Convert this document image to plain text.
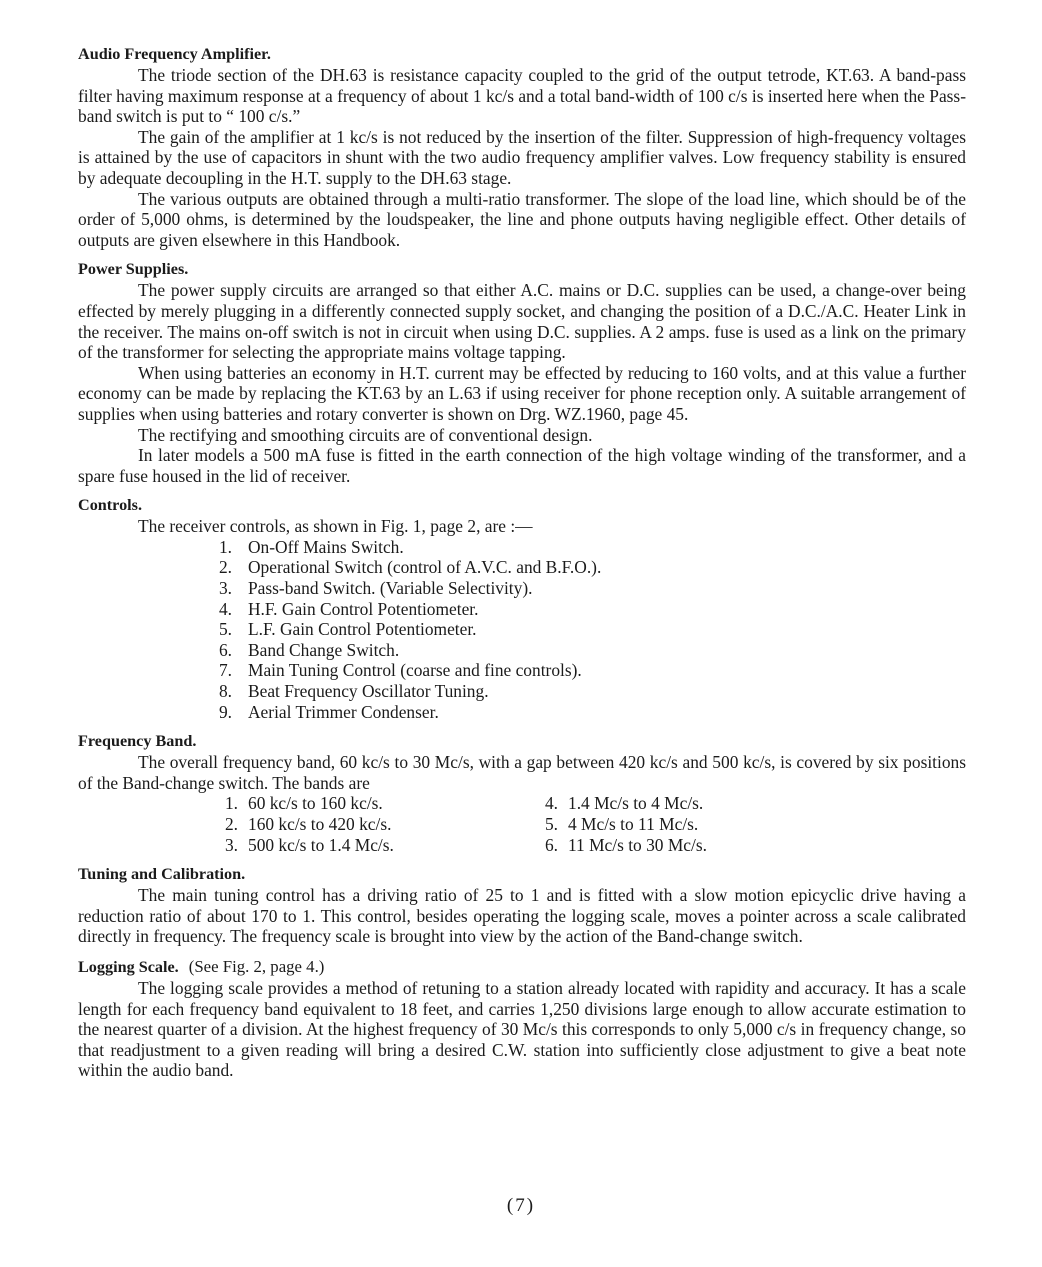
Audio Frequency Amplifier.

The triode section of the DH.63 is resistance capacity coupled to the grid of the output tetrode, KT.63. A band-pass filter having maximum response at a frequency of about 1 kc/s and a total band-width of 100 c/s is inserted here when the Pass-band switch is put to “ 100 c/s.”

The gain of the amplifier at 1 kc/s is not reduced by the insertion of the filter. Suppression of high-frequency voltages is attained by the use of capacitors in shunt with the two audio frequency amplifier valves. Low frequency stability is ensured by adequate decoupling in the H.T. supply to the DH.63 stage.

The various outputs are obtained through a multi-ratio transformer. The slope of the load line, which should be of the order of 5,000 ohms, is determined by the loudspeaker, the line and phone outputs having negligible effect. Other details of outputs are given elsewhere in this Handbook.

Power Supplies.

The power supply circuits are arranged so that either A.C. mains or D.C. supplies can be used, a change-over being effected by merely plugging in a differently connected supply socket, and changing the position of a D.C./A.C. Heater Link in the receiver. The mains on-off switch is not in circuit when using D.C. supplies. A 2 amps. fuse is used as a link on the primary of the transformer for selecting the appropriate mains voltage tapping.

When using batteries an economy in H.T. current may be effected by reducing to 160 volts, and at this value a further economy can be made by replacing the KT.63 by an L.63 if using receiver for phone reception only. A suitable arrangement of supplies when using batteries and rotary converter is shown on Drg. WZ.1960, page 45.

The rectifying and smoothing circuits are of conventional design.

In later models a 500 mA fuse is fitted in the earth connection of the high voltage winding of the transformer, and a spare fuse housed in the lid of receiver.

Controls.

The receiver controls, as shown in Fig. 1, page 2, are :—

1. On-Off Mains Switch.
2. Operational Switch (control of A.V.C. and B.F.O.).
3. Pass-band Switch. (Variable Selectivity).
4. H.F. Gain Control Potentiometer.
5. L.F. Gain Control Potentiometer.
6. Band Change Switch.
7. Main Tuning Control (coarse and fine controls).
8. Beat Frequency Oscillator Tuning.
9. Aerial Trimmer Condenser.
Frequency Band.

The overall frequency band, 60 kc/s to 30 Mc/s, with a gap between 420 kc/s and 500 kc/s, is covered by six positions of the Band-change switch. The bands are

1. 60 kc/s to 160 kc/s.	4. 1.4 Mc/s to 4 Mc/s.
2. 160 kc/s to 420 kc/s.	5. 4 Mc/s to 11 Mc/s.
3. 500 kc/s to 1.4 Mc/s.	6. 11 Mc/s to 30 Mc/s.
Tuning and Calibration.

The main tuning control has a driving ratio of 25 to 1 and is fitted with a slow motion epicyclic drive having a reduction ratio of about 170 to 1. This control, besides operating the logging scale, moves a pointer across a scale calibrated directly in frequency. The frequency scale is brought into view by the action of the Band-change switch.

Logging Scale. (See Fig. 2, page 4.)

The logging scale provides a method of retuning to a station already located with rapidity and accuracy. It has a scale length for each frequency band equivalent to 18 feet, and carries 1,250 divisions large enough to allow accurate estimation to the nearest quarter of a division. At the highest frequency of 30 Mc/s this corresponds to only 5,000 c/s in frequency change, so that readjustment to a given reading will bring a desired C.W. station into sufficiently close adjustment to give a beat note within the audio band.

(7)
